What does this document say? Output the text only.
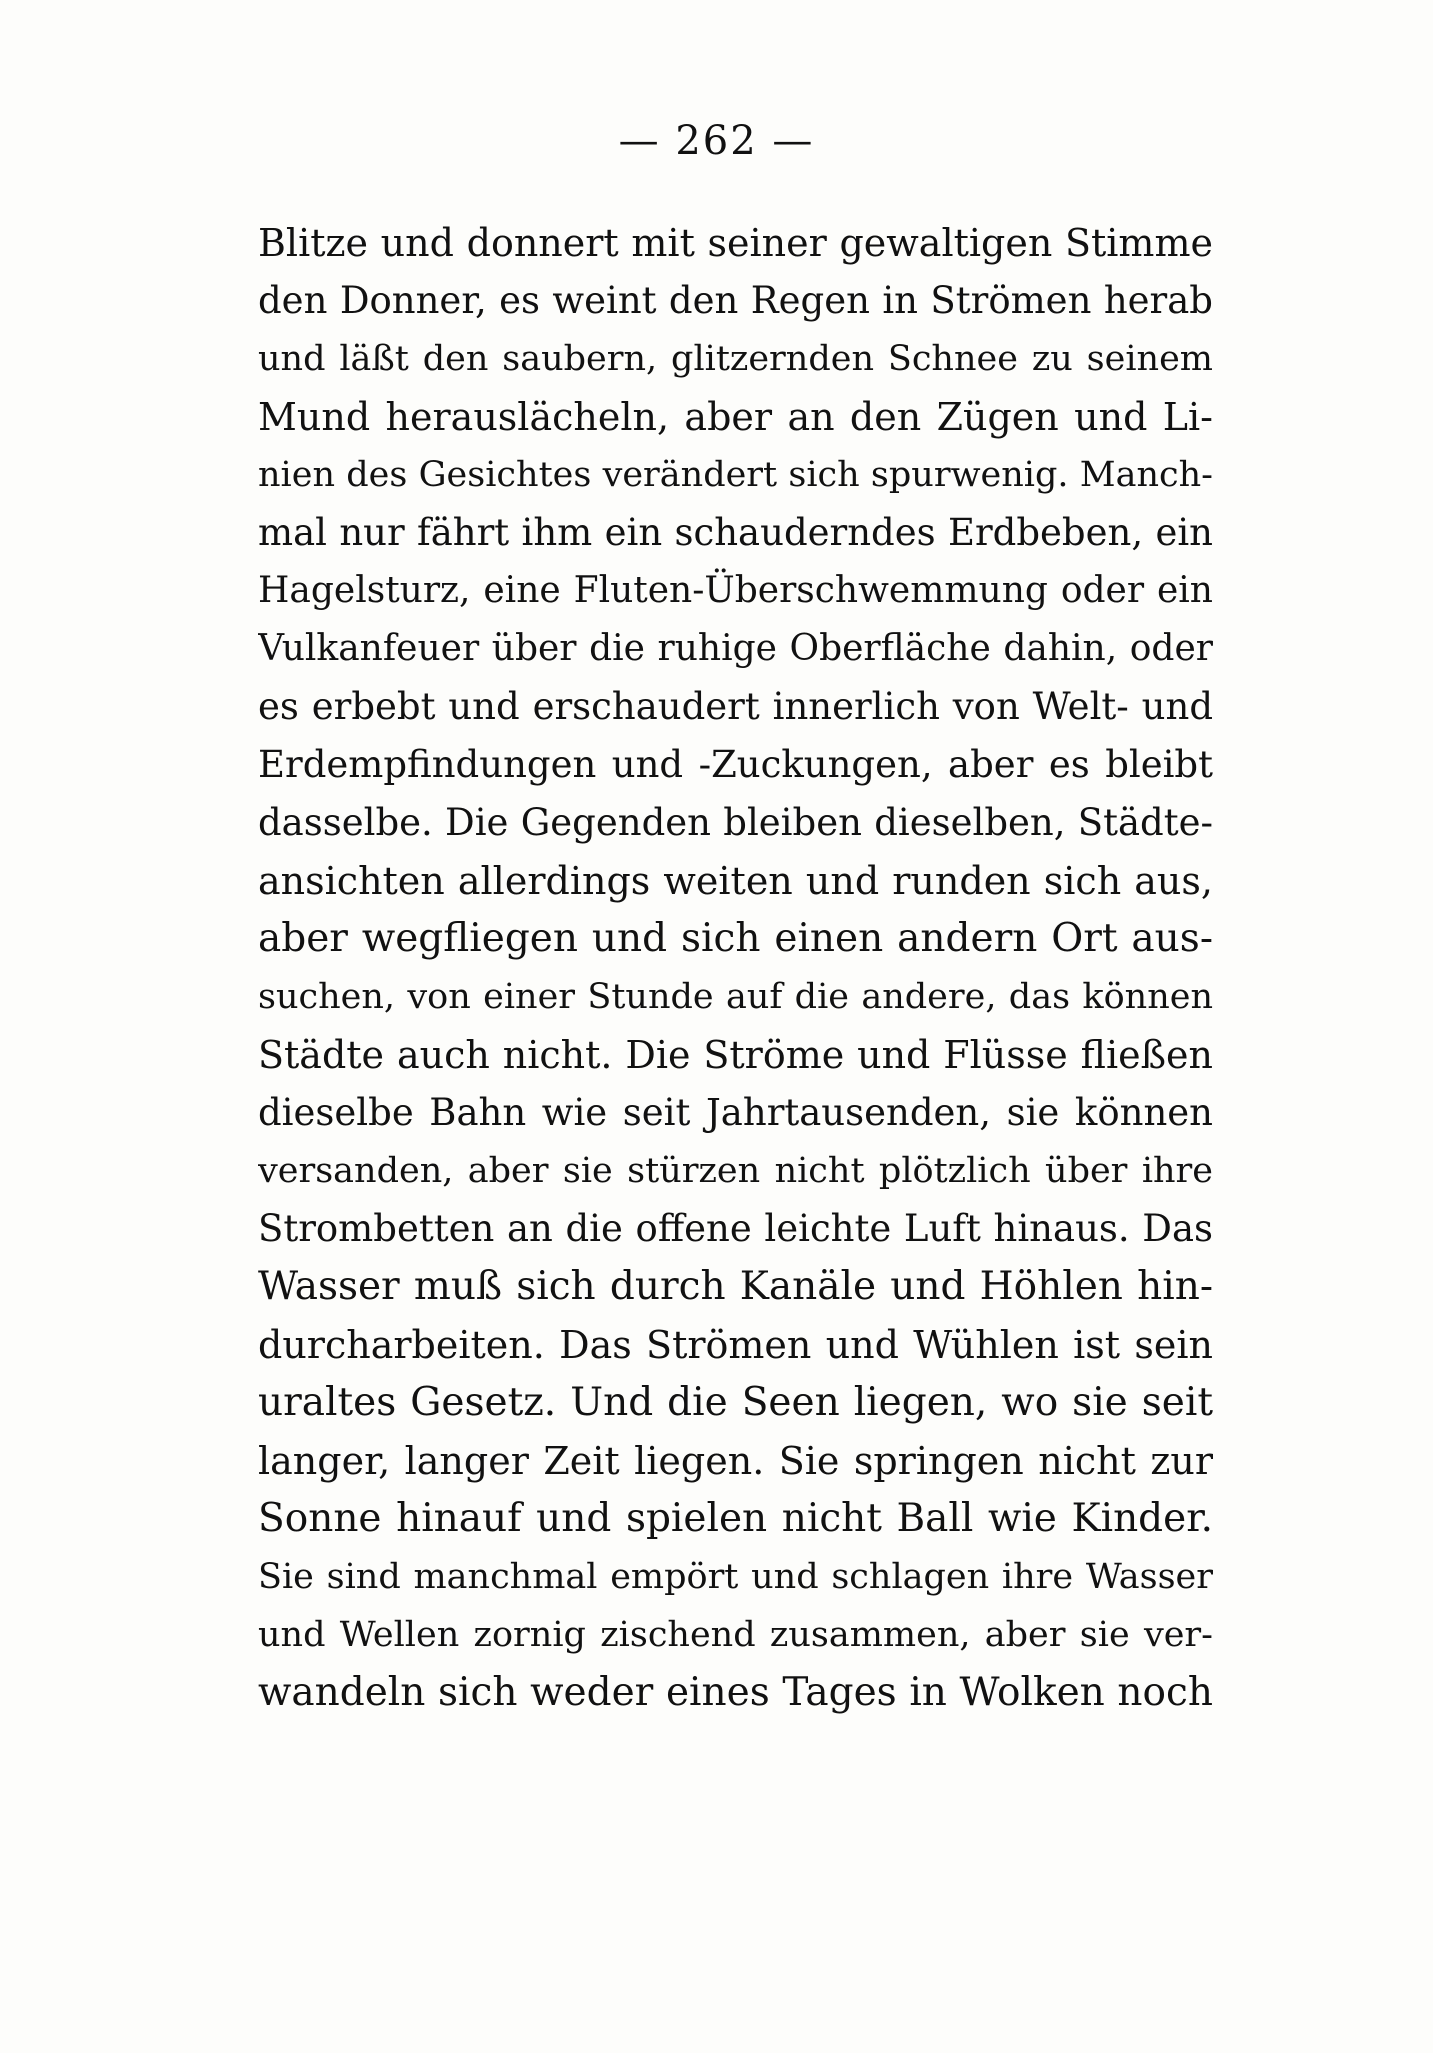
— 262 —
Blitze und donnert mit seiner gewaltigen Stimme
den Donner, es weint den Regen in Strömen herab
und läßt den saubern, glitzernden Schnee zu seinem
Mund herauslächeln, aber an den Zügen und Li-
nien des Gesichtes verändert sich spurwenig. Manch-
mal nur fährt ihm ein schauderndes Erdbeben, ein
Hagelsturz, eine Fluten-Überschwemmung oder ein
Vulkanfeuer über die ruhige Oberfläche dahin, oder
es erbebt und erschaudert innerlich von Welt- und
Erdempfindungen und -Zuckungen, aber es bleibt
dasselbe. Die Gegenden bleiben dieselben, Städte-
ansichten allerdings weiten und runden sich aus,
aber wegfliegen und sich einen andern Ort aus-
suchen, von einer Stunde auf die andere, das können
Städte auch nicht. Die Ströme und Flüsse fließen
dieselbe Bahn wie seit Jahrtausenden, sie können
versanden, aber sie stürzen nicht plötzlich über ihre
Strombetten an die offene leichte Luft hinaus. Das
Wasser muß sich durch Kanäle und Höhlen hin-
durcharbeiten. Das Strömen und Wühlen ist sein
uraltes Gesetz. Und die Seen liegen, wo sie seit
langer, langer Zeit liegen. Sie springen nicht zur
Sonne hinauf und spielen nicht Ball wie Kinder.
Sie sind manchmal empört und schlagen ihre Wasser
und Wellen zornig zischend zusammen, aber sie ver-
wandeln sich weder eines Tages in Wolken noch
